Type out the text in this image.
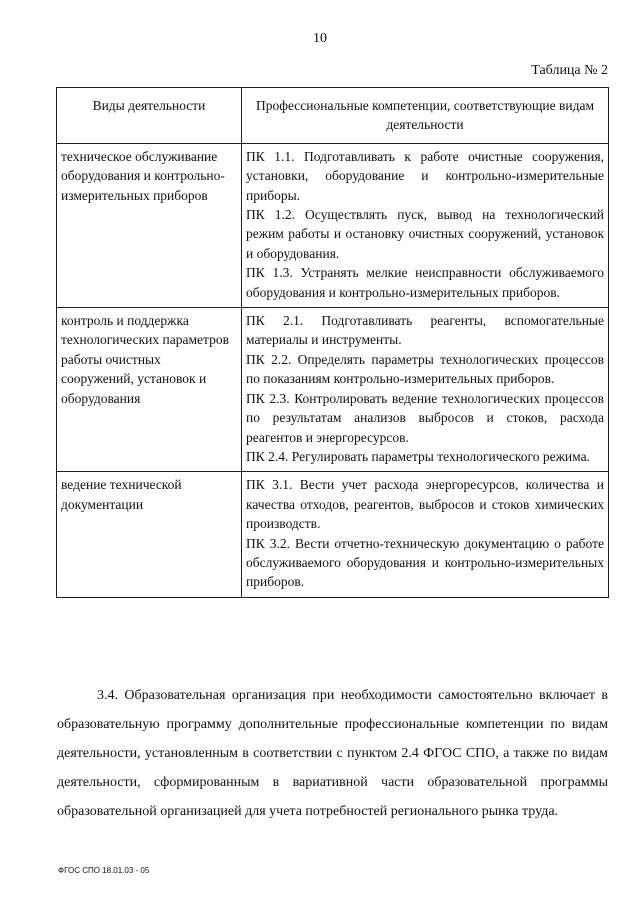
10
Таблица № 2
Виды деятельности	Профессиональные компетенции, соответствующие видам деятельности
техническое обслуживание оборудования и контрольно-измерительных приборов	ПК 1.1. Подготавливать к работе очистные сооружения, установки, оборудование и контрольно-измерительные приборы.
ПК 1.2. Осуществлять пуск, вывод на технологический режим работы и остановку очистных сооружений, установок и оборудования.
ПК 1.3. Устранять мелкие неисправности обслуживаемого оборудования и контрольно-измерительных приборов.

контроль и поддержка технологических параметров работы очистных сооружений, установок и оборудования	ПК 2.1. Подготавливать реагенты, вспомогательные материалы и инструменты.
ПК 2.2. Определять параметры технологических процессов по показаниям контрольно-измерительных приборов.
ПК 2.3. Контролировать ведение технологических процессов по результатам анализов выбросов и стоков, расхода реагентов и энергоресурсов.
ПК 2.4. Регулировать параметры технологического режима.

ведение технической документации	ПК 3.1. Вести учет расхода энергоресурсов, количества и качества отходов, реагентов, выбросов и стоков химических производств.
ПК 3.2. Вести отчетно-техническую документацию о работе обслуживаемого оборудования и контрольно-измерительных приборов.

3.4. Образовательная организация при необходимости самостоятельно включает в образовательную программу дополнительные профессиональные компетенции по видам деятельности, установленным в соответствии с пунктом 2.4 ФГОС СПО, а также по видам деятельности, сформированным в вариативной части образовательной программы образовательной организацией для учета потребностей регионального рынка труда.

ФГОС СПО 18.01.03 - 05
